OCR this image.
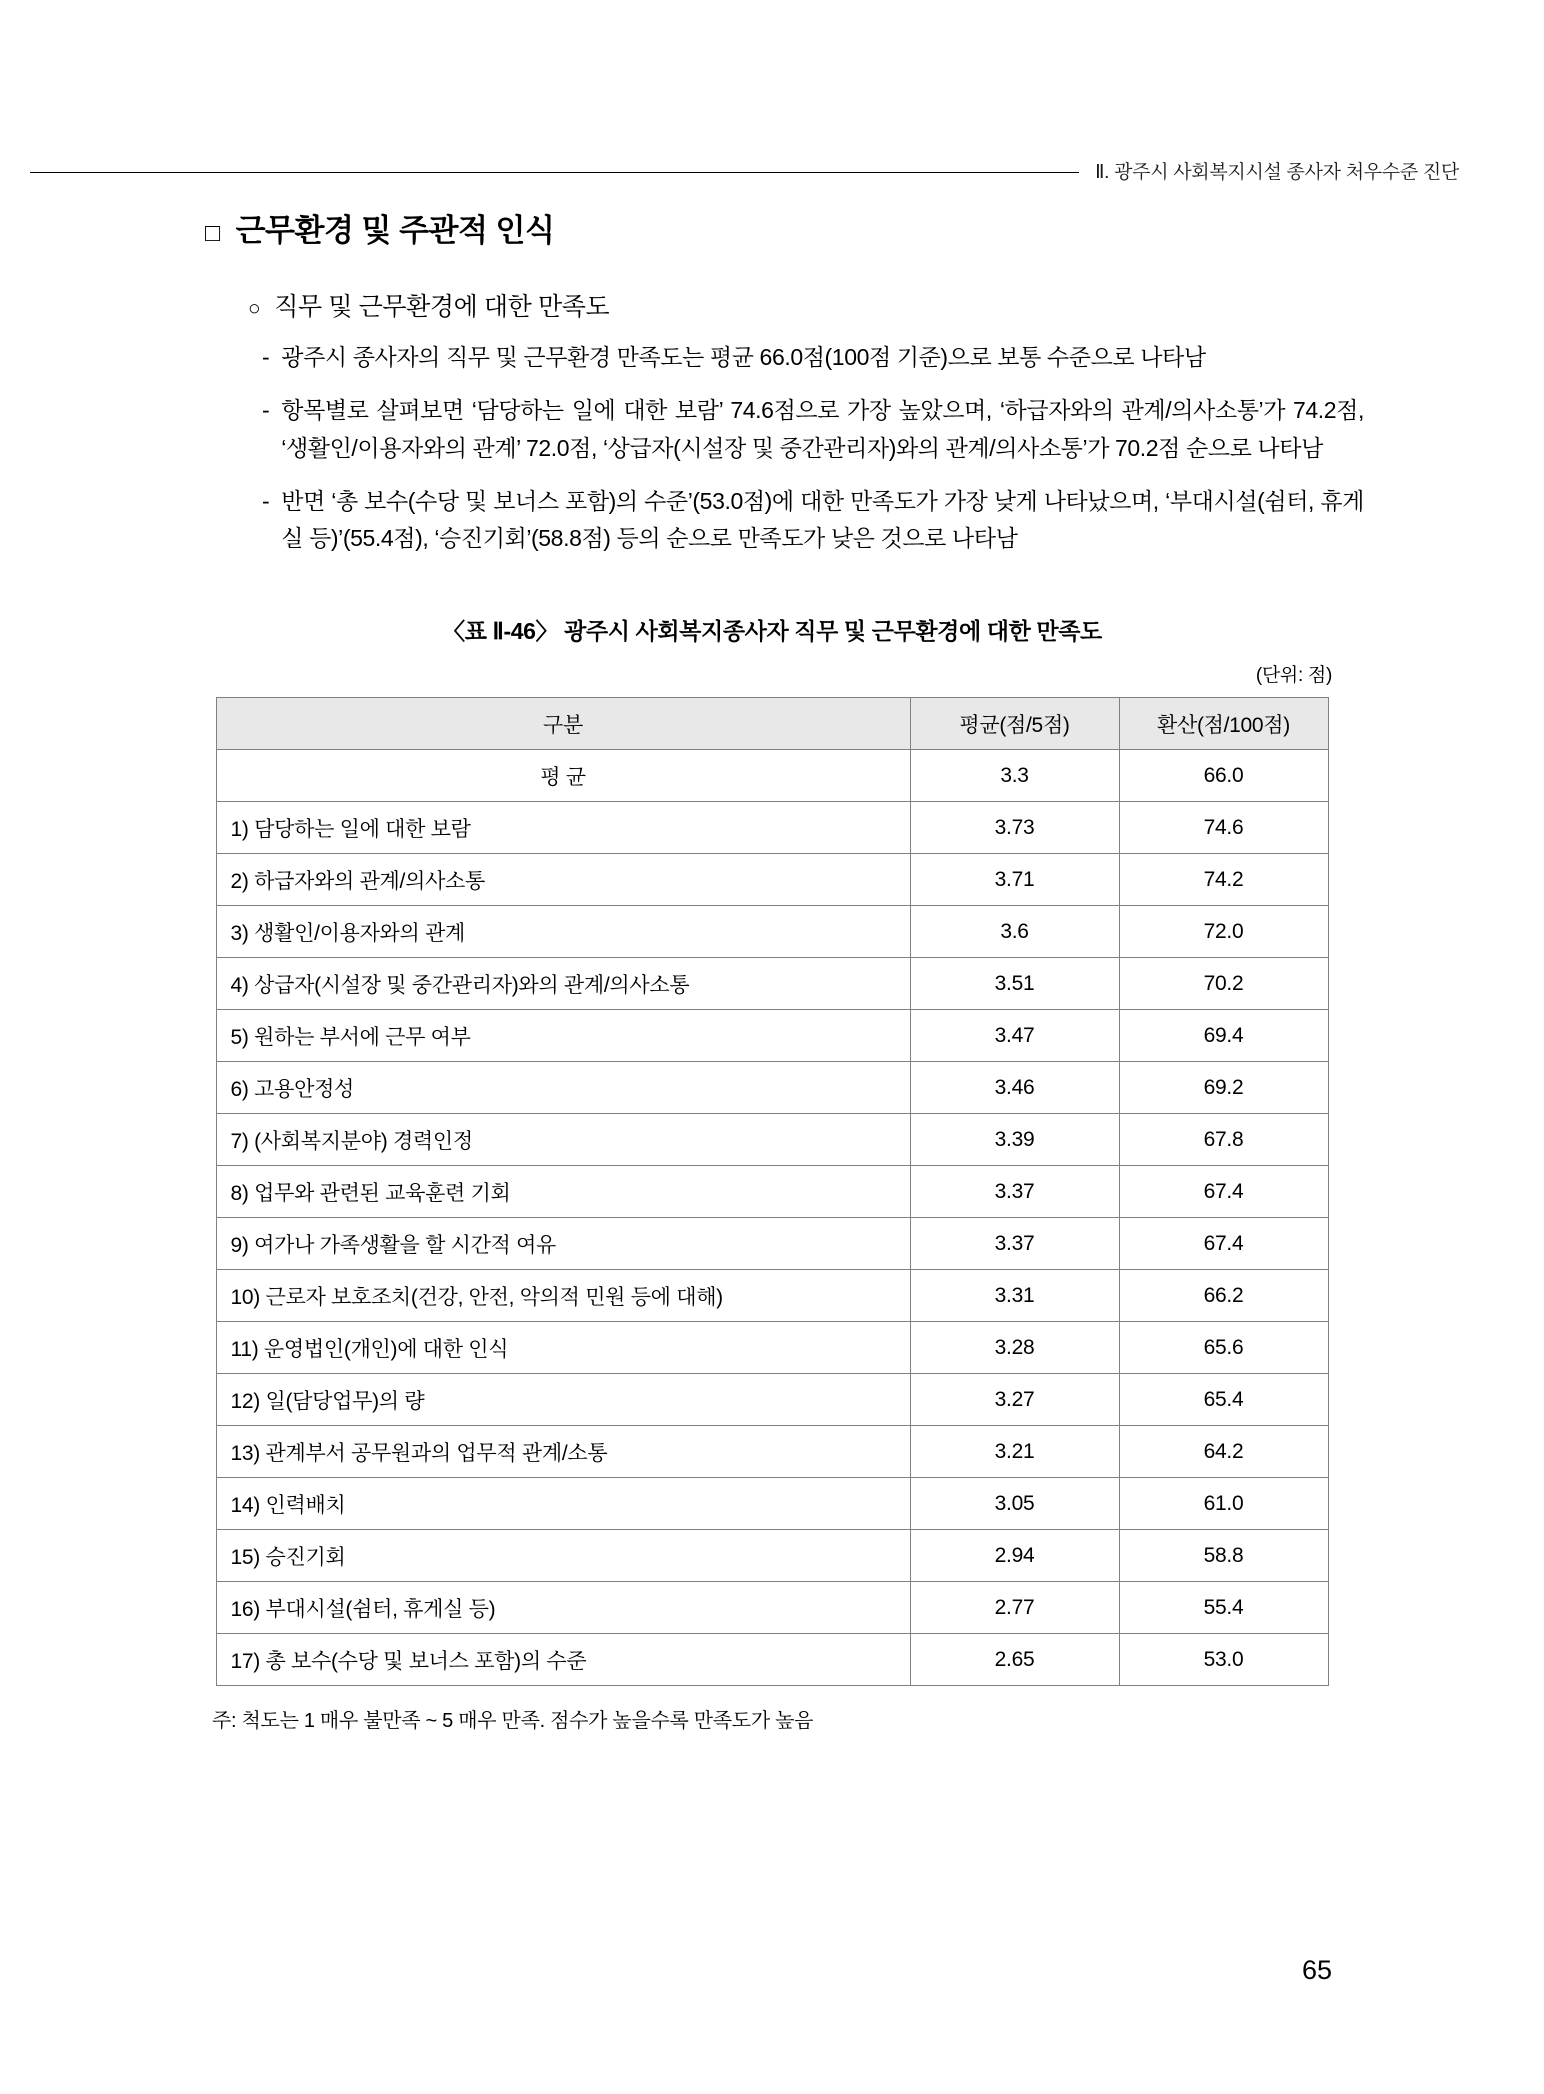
Ⅱ. 광주시 사회복지시설 종사자 처우수준 진단
□ 근무환경 및 주관적 인식
○ 직무 및 근무환경에 대한 만족도
- 광주시 종사자의 직무 및 근무환경 만족도는 평균 66.0점(100점 기준)으로 보통 수준으로 나타남
- 항목별로 살펴보면 ‘담당하는 일에 대한 보람’ 74.6점으로 가장 높았으며, ‘하급자와의 관계/의사소통’가 74.2점, ‘생활인/이용자와의 관계’ 72.0점, ‘상급자(시설장 및 중간관리자)와의 관계/의사소통’가 70.2점 순으로 나타남
- 반면 ‘총 보수(수당 및 보너스 포함)의 수준’(53.0점)에 대한 만족도가 가장 낮게 나타났으며, ‘부대시설(쉼터, 휴게실 등)’(55.4점), ‘승진기회’(58.8점) 등의 순으로 만족도가 낮은 것으로 나타남
〈표 Ⅱ-46〉 광주시 사회복지종사자 직무 및 근무환경에 대한 만족도
(단위: 점)
구분	평균(점/5점)	환산(점/100점)
평 균	3.3	66.0
1) 담당하는 일에 대한 보람	3.73	74.6
2) 하급자와의 관계/의사소통	3.71	74.2
3) 생활인/이용자와의 관계	3.6	72.0
4) 상급자(시설장 및 중간관리자)와의 관계/의사소통	3.51	70.2
5) 원하는 부서에 근무 여부	3.47	69.4
6) 고용안정성	3.46	69.2
7) (사회복지분야) 경력인정	3.39	67.8
8) 업무와 관련된 교육훈련 기회	3.37	67.4
9) 여가나 가족생활을 할 시간적 여유	3.37	67.4
10) 근로자 보호조치(건강, 안전, 악의적 민원 등에 대해)	3.31	66.2
11) 운영법인(개인)에 대한 인식	3.28	65.6
12) 일(담당업무)의 량	3.27	65.4
13) 관계부서 공무원과의 업무적 관계/소통	3.21	64.2
14) 인력배치	3.05	61.0
15) 승진기회	2.94	58.8
16) 부대시설(쉼터, 휴게실 등)	2.77	55.4
17) 총 보수(수당 및 보너스 포함)의 수준	2.65	53.0
주: 척도는 1 매우 불만족 ~ 5 매우 만족. 점수가 높을수록 만족도가 높음
65
